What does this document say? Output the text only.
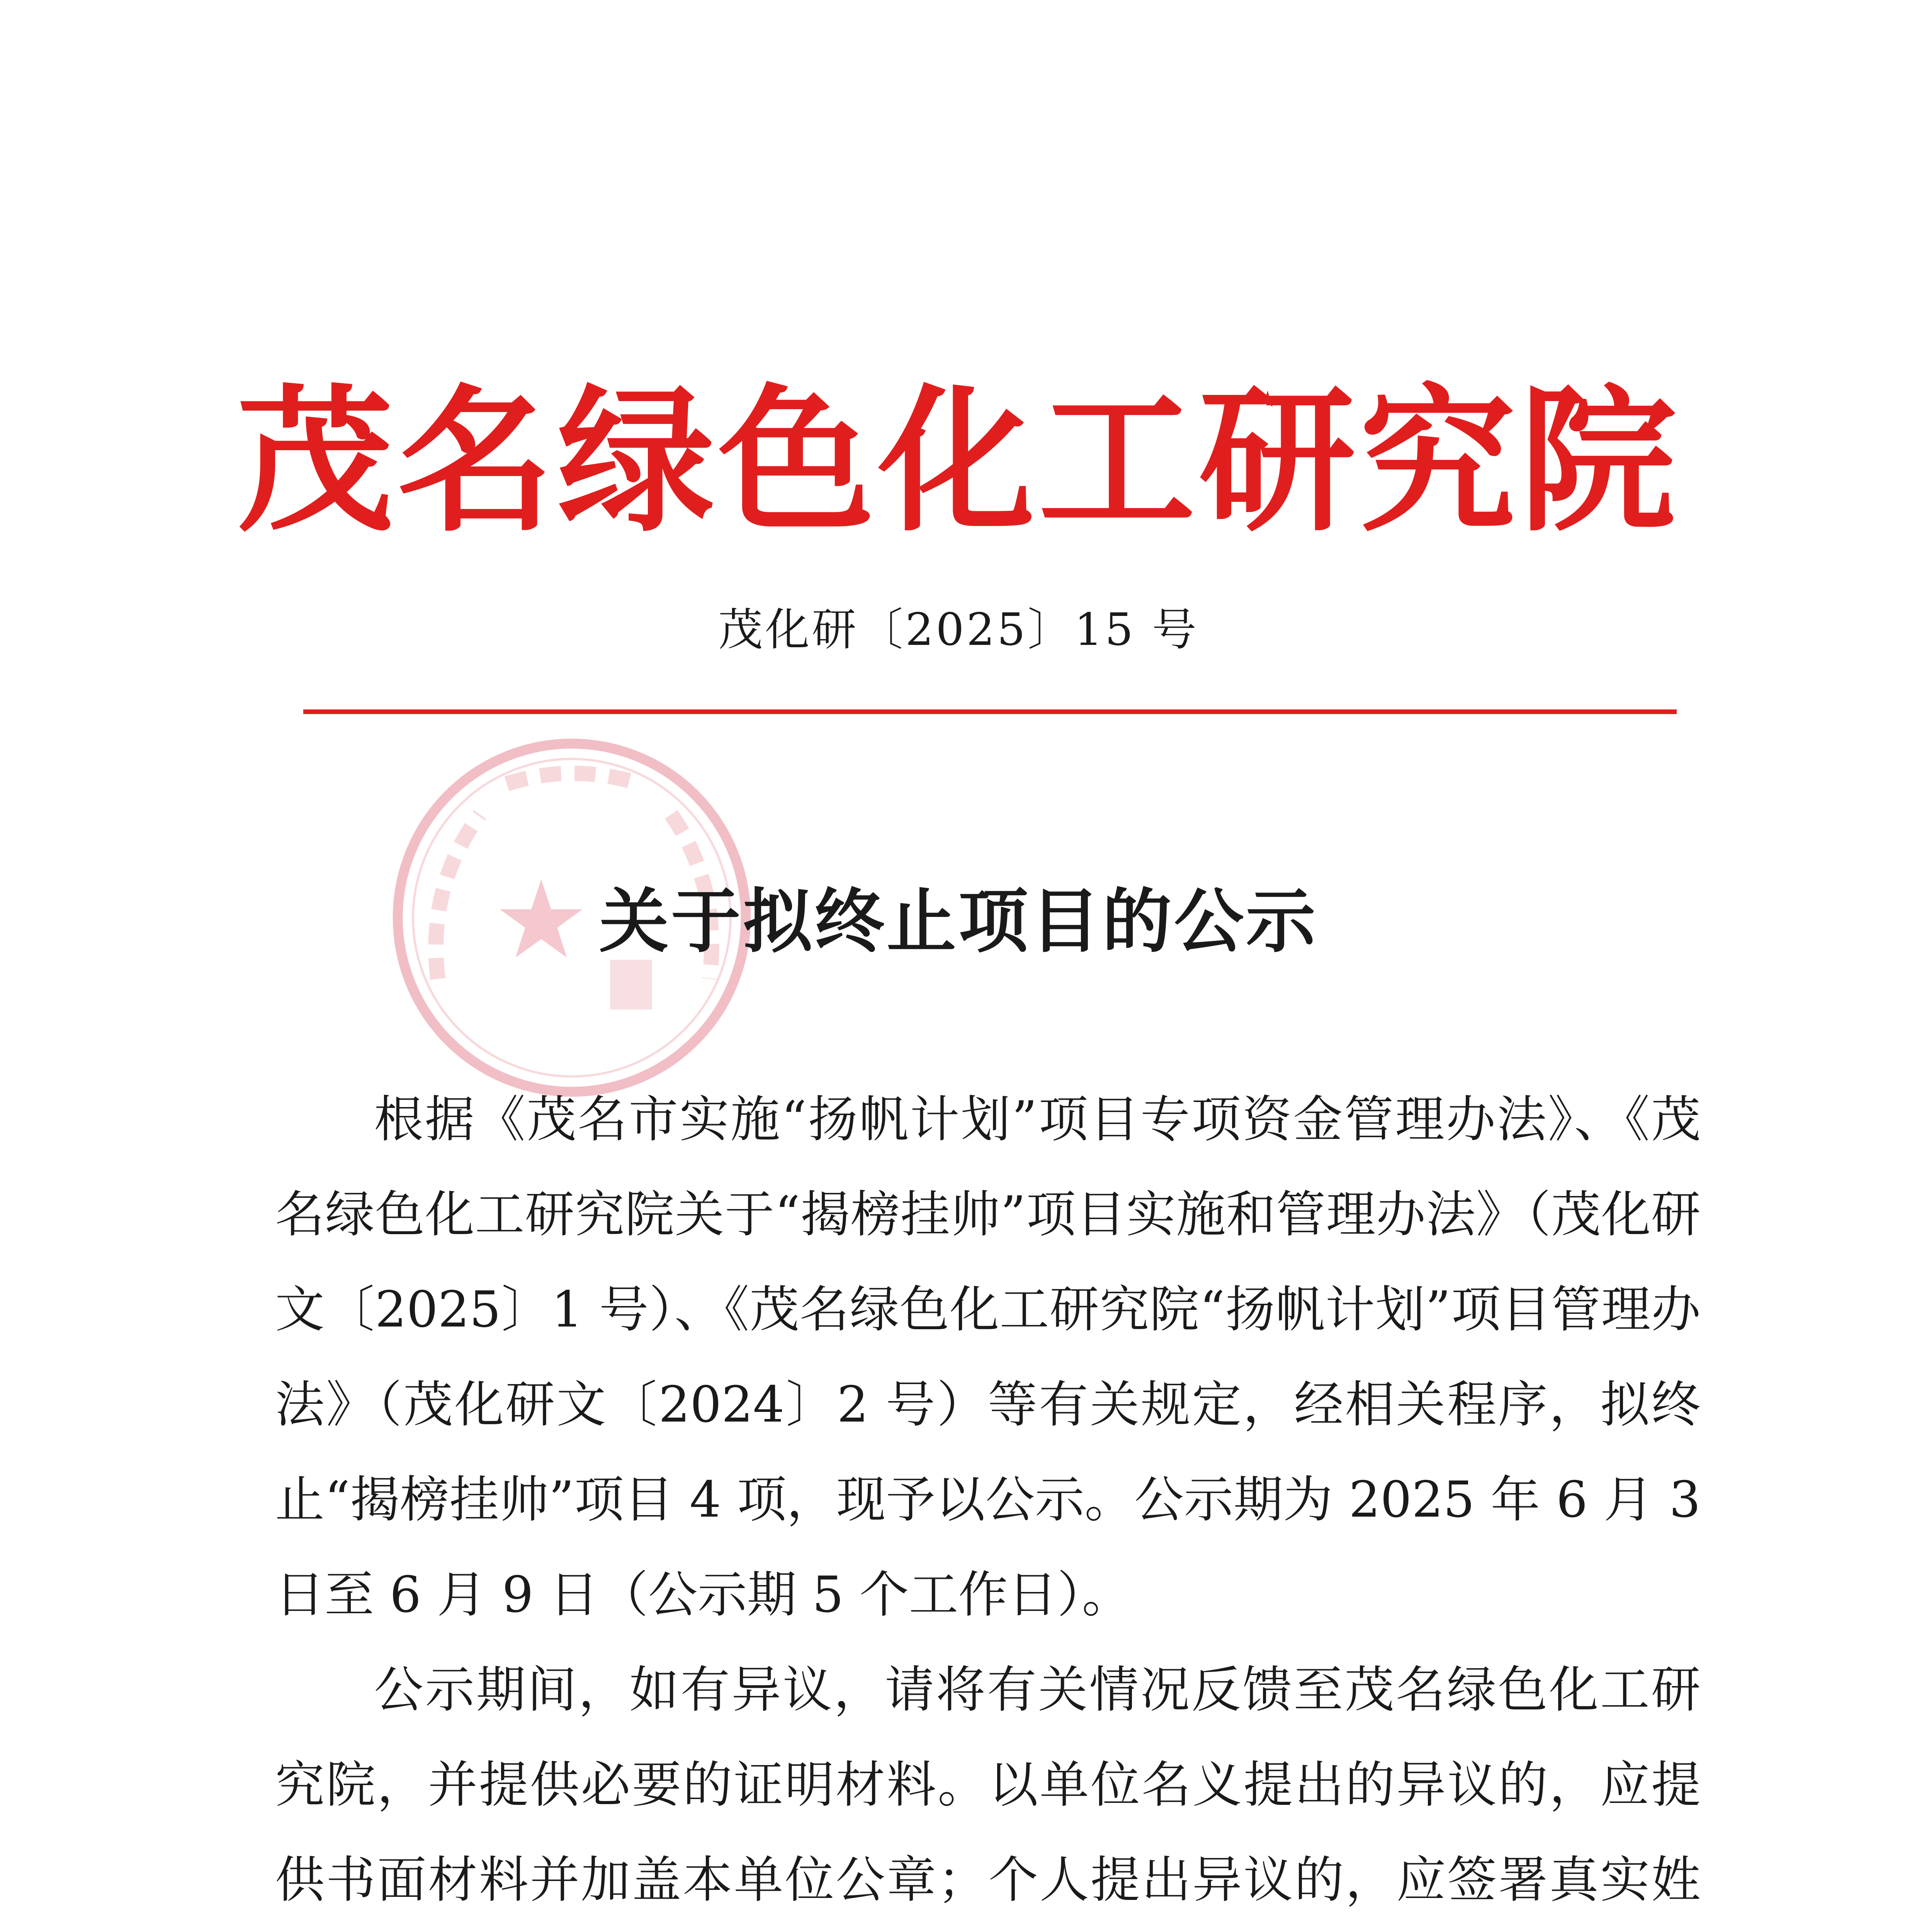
茂名绿色化工研究院
茂化研〔2025〕15 号
关于拟终止项目的公示

根据《茂名市实施“扬帆计划”项目专项资金管理办法》、《茂名绿色化工研究院关于“揭榜挂帅”项目实施和管理办法》（茂化研文〔2025〕1 号）、《茂名绿色化工研究院“扬帆计划”项目管理办法》（茂化研文〔2024〕2 号）等有关规定，经相关程序，拟终止“揭榜挂帅”项目 4 项，现予以公示。公示期为 2025 年 6 月 3 日至 6 月 9 日（公示期 5 个工作日）。

公示期间，如有异议，请将有关情况反馈至茂名绿色化工研究院，并提供必要的证明材料。以单位名义提出的异议的，应提供书面材料并加盖本单位公章；个人提出异议的，应签署真实姓
